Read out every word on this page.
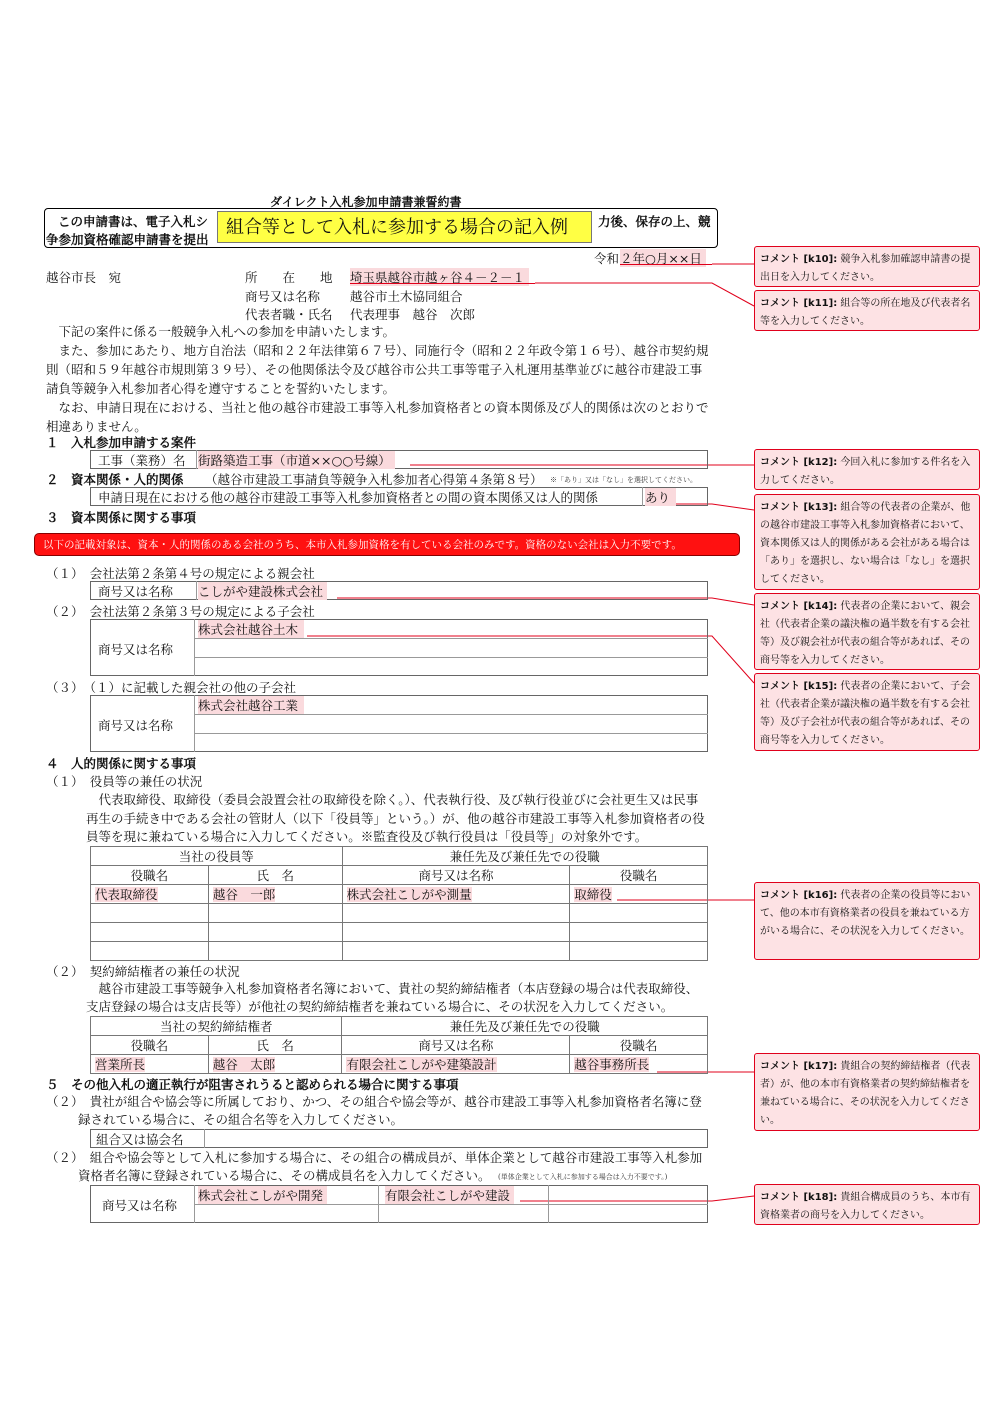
ダイレクト入札参加申請書兼誓約書
この申請書は、電子入札シ	力後、保存の上、競
争参加資格確認申請書を提出
組合等として入札に参加する場合の記入例
令和 ２年○月××日
越谷市長　宛	所　　在　　地 埼玉県越谷市越ヶ谷４－２－１
商号又は名称 越谷市土木協同組合
代表者職・氏名 代表理事　越谷　次郎
　下記の案件に係る一般競争入札への参加を申請いたします。
　また、参加にあたり、地方自治法（昭和２２年法律第６７号）、同施行令（昭和２２年政令第１６号）、越谷市契約規
則（昭和５９年越谷市規則第３９号）、その他関係法令及び越谷市公共工事等電子入札運用基準並びに越谷市建設工事
請負等競争入札参加者心得を遵守することを誓約いたします。
　なお、申請日現在における、当社と他の越谷市建設工事等入札参加資格者との資本関係及び人的関係は次のとおりで
相違ありません。
１　入札参加申請する案件
工事（業務）名 街路築造工事（市道××○○号線）
２　資本関係・人的関係 （越谷市建設工事請負等競争入札参加者心得第４条第８号） ※「あり」又は「なし」を選択してください。
申請日現在における他の越谷市建設工事等入札参加資格者との間の資本関係又は人的関係	あり
３　資本関係に関する事項
以下の記載対象は、資本・人的関係のある会社のうち、本市入札参加資格を有している会社のみです。資格のない会社は入力不要です。
（１）　会社法第２条第４号の規定による親会社
商号又は名称 こしがや建設株式会社
（２）　会社法第２条第３号の規定による子会社
商号又は名称
株式会社越谷土木
（３）　（１）に記載した親会社の他の子会社
商号又は名称
株式会社越谷工業
４　人的関係に関する事項
（１）　役員等の兼任の状況
　代表取締役、取締役（委員会設置会社の取締役を除く。）、代表執行役、及び執行役並びに会社更生又は民事
再生の手続き中である会社の管財人（以下「役員等」という。）が、他の越谷市建設工事等入札参加資格者の役
員等を現に兼ねている場合に入力してください。※監査役及び執行役員は「役員等」の対象外です。
当社の役員等		兼任先及び兼任先での役職	
役職名	氏　名	商号又は名称	役職名
代表取締役	越谷　一郎	株式会社こしがや測量	取締役

（２）　契約締結権者の兼任の状況
　越谷市建設工事等競争入札参加資格者名簿において、貴社の契約締結権者（本店登録の場合は代表取締役、
支店登録の場合は支店長等）が他社の契約締結権者を兼ねている場合に、その状況を入力してください。
当社の契約締結権者		兼任先及び兼任先での役職	
役職名	氏　名	商号又は名称	役職名
営業所長	越谷　太郎	有限会社こしがや建築設計	越谷事務所長
５　その他入札の適正執行が阻害されうると認められる場合に関する事項
（２）　貴社が組合や協会等に所属しており、かつ、その組合や協会等が、越谷市建設工事等入札参加資格者名簿に登
録されている場合に、その組合名等を入力してください。
組合又は協会名
（２）　組合や協会等として入札に参加する場合に、その組合の構成員が、単体企業として越谷市建設工事等入札参加
資格者名簿に登録されている場合に、その構成員名を入力してください。 (単体企業として入札に参加する場合は入力不要です。)
商号又は名称
株式会社こしがや開発	有限会社こしがや建設
コメント [k10]: 競争入札参加確認申請書の提出日を入力してください。
コメント [k11]: 組合等の所在地及び代表者名等を入力してください。
コメント [k12]: 今回入札に参加する件名を入力してください。
コメント [k13]: 組合等の代表者の企業が、他の越谷市建設工事等入札参加資格者において、資本関係又は人的関係がある会社がある場合は「あり」を選択し、ない場合は「なし」を選択してください。
コメント [k14]: 代表者の企業において、親会社（代表者企業の議決権の過半数を有する会社等）及び親会社が代表の組合等があれば、その商号等を入力してください。
コメント [k15]: 代表者の企業において、子会社（代表者企業が議決権の過半数を有する会社等）及び子会社が代表の組合等があれば、その商号等を入力してください。
コメント [k16]: 代表者の企業の役員等において、他の本市有資格業者の役員を兼ねている方がいる場合に、その状況を入力してください。
コメント [k17]: 貴組合の契約締結権者（代表者）が、他の本市有資格業者の契約締結権者を兼ねている場合に、その状況を入力してください。
コメント [k18]: 貴組合構成員のうち、本市有資格業者の商号を入力してください。
